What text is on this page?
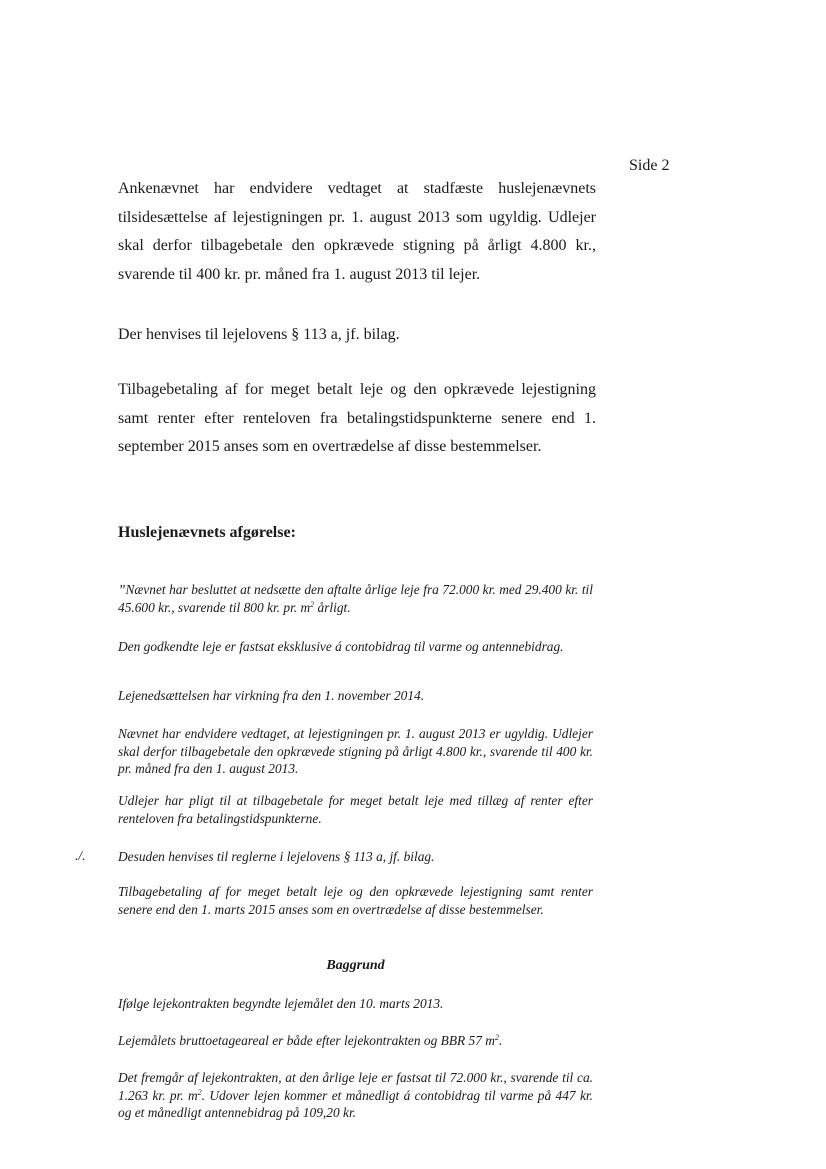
Side 2

Ankenævnet har endvidere vedtaget at stadfæste huslejenævnets tilsidesættelse af lejestigningen pr. 1. august 2013 som ugyldig. Udlejer skal derfor tilbagebetale den opkrævede stigning på årligt 4.800 kr., svarende til 400 kr. pr. måned fra 1. august 2013 til lejer.

Der henvises til lejelovens § 113 a, jf. bilag.

Tilbagebetaling af for meget betalt leje og den opkrævede lejestigning samt renter efter renteloven fra betalingstidspunkterne senere end 1. september 2015 anses som en overtrædelse af disse bestemmelser.

Huslejenævnets afgørelse:

”Nævnet har besluttet at nedsætte den aftalte årlige leje fra 72.000 kr. med 29.400 kr. til 45.600 kr., svarende til 800 kr. pr. $m^2$ årligt.

Den godkendte leje er fastsat eksklusive á contobidrag til varme og antennebidrag.

Lejenedsættelsen har virkning fra den 1. november 2014.

Nævnet har endvidere vedtaget, at lejestigningen pr. 1. august 2013 er ugyldig. Udlejer skal derfor tilbagebetale den opkrævede stigning på årligt 4.800 kr., svarende til 400 kr. pr. måned fra den 1. august 2013.

Udlejer har pligt til at tilbagebetale for meget betalt leje med tillæg af renter efter renteloven fra betalingstidspunkterne.

./. Desuden henvises til reglerne i lejelovens § 113 a, jf. bilag.

Tilbagebetaling af for meget betalt leje og den opkrævede lejestigning samt renter senere end den 1. marts 2015 anses som en overtrædelse af disse bestemmelser.

Baggrund

Ifølge lejekontrakten begyndte lejemålet den 10. marts 2013.

Lejemålets bruttoetageareal er både efter lejekontrakten og BBR 57 $m^2$.

Det fremgår af lejekontrakten, at den årlige leje er fastsat til 72.000 kr., svarende til ca. 1.263 kr. pr. $m^2$. Udover lejen kommer et månedligt á contobidrag til varme på 447 kr. og et månedligt antennebidrag på 109,20 kr.
